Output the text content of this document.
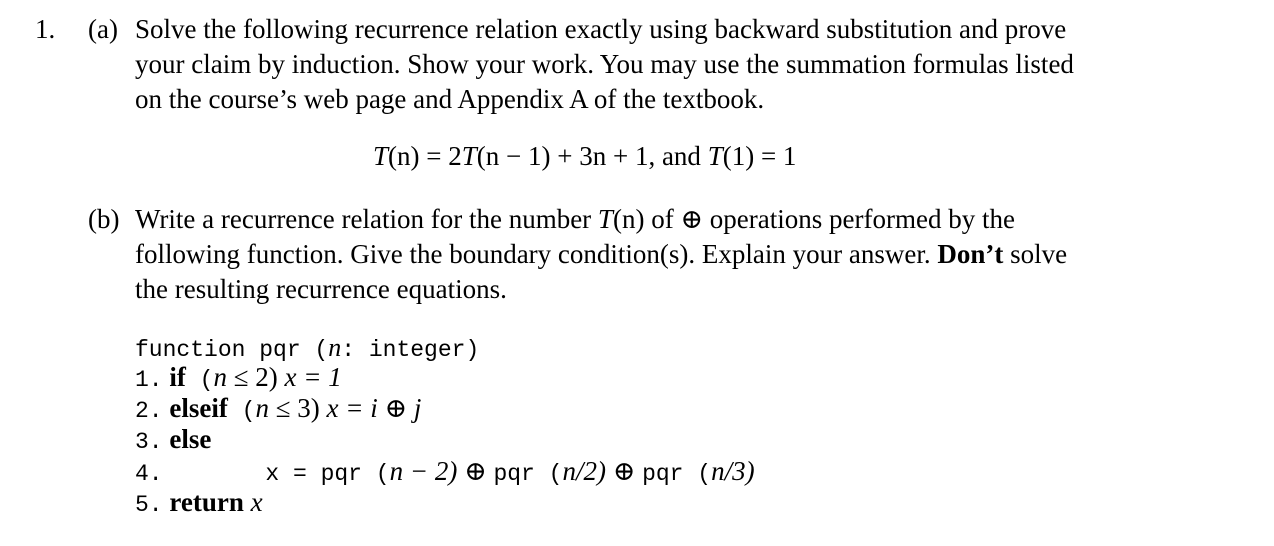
1. (a) Solve the following recurrence relation exactly using backward substitution and prove
your claim by induction. Show your work. You may use the summation formulas listed
on the course’s web page and Appendix A of the textbook.
T(n) = 2T(n − 1) + 3n + 1, and T(1) = 1
(b) Write a recurrence relation for the number T(n) of ⊕ operations performed by the
following function. Give the boundary condition(s). Explain your answer. Don’t solve
the resulting recurrence equations.
function pqr (n: integer)
1. if (n ≤ 2) x = 1
2. elseif (n ≤ 3) x = i ⊕ j
3. else
4.	x = pqr (n − 2) ⊕ pqr (n/2) ⊕ pqr (n/3)
5. return x
